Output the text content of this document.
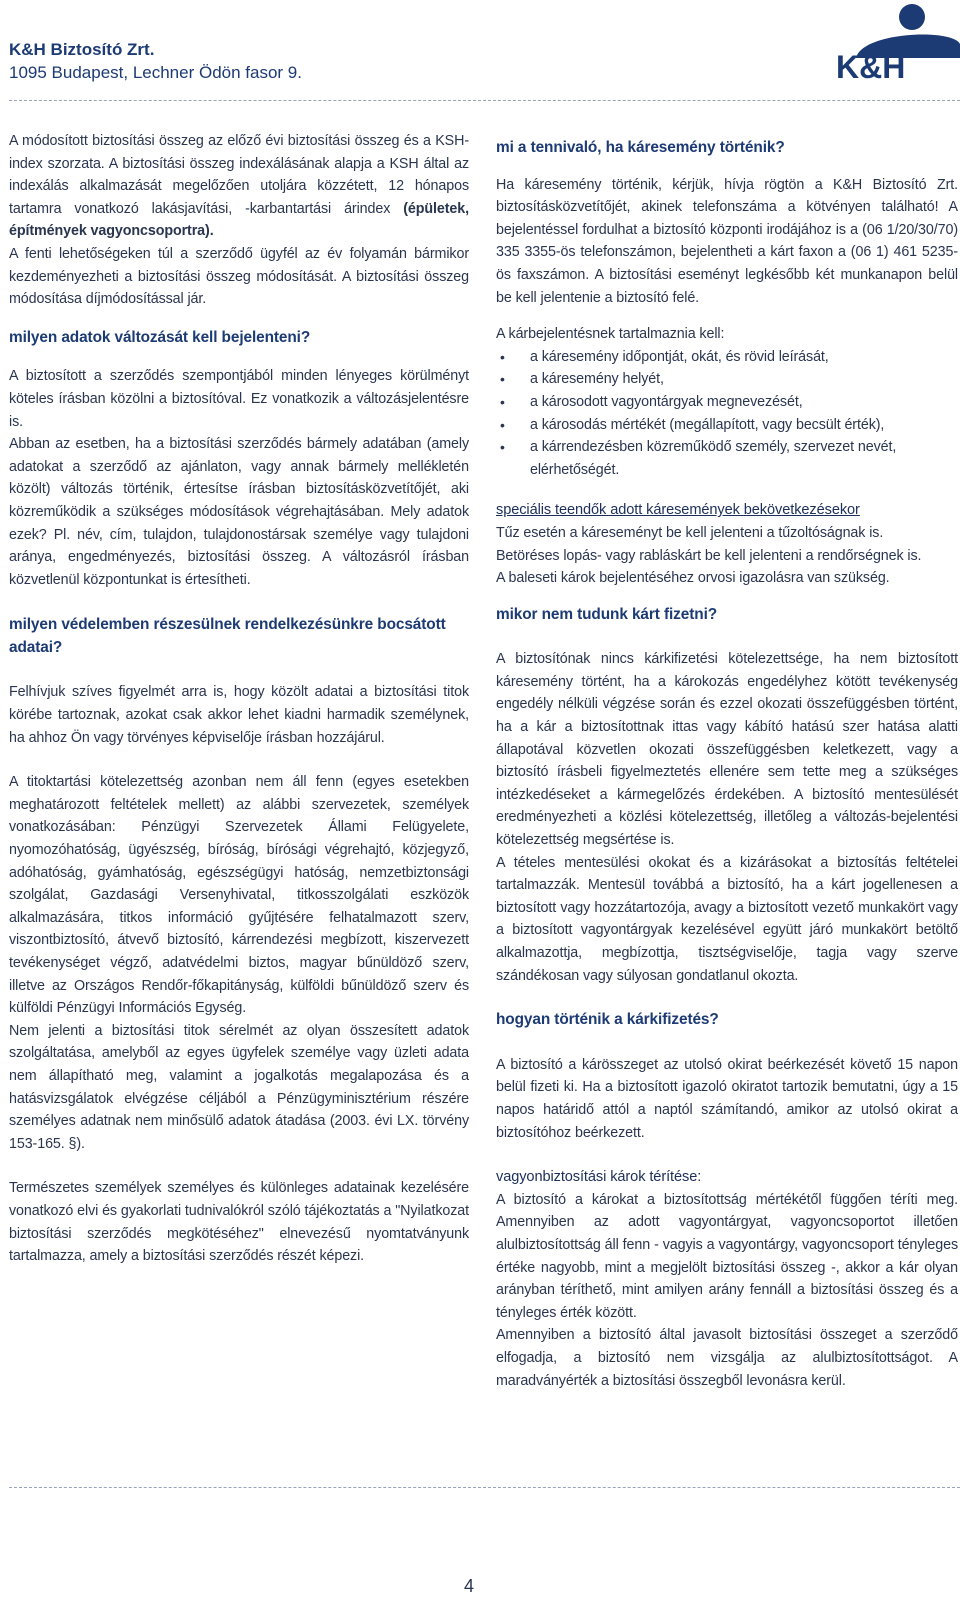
K&H Biztosító Zrt.
1095 Budapest, Lechner Ödön fasor 9.	K&H

A módosított biztosítási összeg az előző évi biztosítási összeg és a KSH-index szorzata. A biztosítási összeg indexálásának alapja a KSH által az indexálás alkalmazását megelőzően utoljára közzétett, 12 hónapos tartamra vonatkozó lakásjavítási, -karbantartási árindex (épületek, építmények vagyoncsoportra).

A fenti lehetőségeken túl a szerződő ügyfél az év folyamán bármikor kezdeményezheti a biztosítási összeg módosítását. A biztosítási összeg módosítása díjmódosítással jár.

milyen adatok változását kell bejelenteni?

A biztosított a szerződés szempontjából minden lényeges körülményt köteles írásban közölni a biztosítóval. Ez vonatkozik a változásjelentésre is.

Abban az esetben, ha a biztosítási szerződés bármely adatában (amely adatokat a szerződő az ajánlaton, vagy annak bármely mellékletén közölt) változás történik, értesítse írásban biztosításközvetítőjét, aki közreműködik a szükséges módosítások végrehajtásában. Mely adatok ezek? Pl. név, cím, tulajdon, tulajdonostársak személye vagy tulajdoni aránya, engedményezés, biztosítási összeg. A változásról írásban közvetlenül központunkat is értesítheti.

milyen védelemben részesülnek rendelkezésünkre bocsátott adatai?

Felhívjuk szíves figyelmét arra is, hogy közölt adatai a biztosítási titok körébe tartoznak, azokat csak akkor lehet kiadni harmadik személynek, ha ahhoz Ön vagy törvényes képviselője írásban hozzájárul.

A titoktartási kötelezettség azonban nem áll fenn (egyes esetekben meghatározott feltételek mellett) az alábbi szervezetek, személyek vonatkozásában: Pénzügyi Szervezetek Állami Felügyelete, nyomozóhatóság, ügyészség, bíróság, bírósági végrehajtó, közjegyző, adóhatóság, gyámhatóság, egészségügyi hatóság, nemzetbiztonsági szolgálat, Gazdasági Versenyhivatal, titkosszolgálati eszközök alkalmazására, titkos információ gyűjtésére felhatalmazott szerv, viszontbiztosító, átvevő biztosító, kárrendezési megbízott, kiszervezett tevékenységet végző, adatvédelmi biztos, magyar bűnüldöző szerv, illetve az Országos Rendőr-főkapitányság, külföldi bűnüldöző szerv és külföldi Pénzügyi Információs Egység.

Nem jelenti a biztosítási titok sérelmét az olyan összesített adatok szolgáltatása, amelyből az egyes ügyfelek személye vagy üzleti adata nem állapítható meg, valamint a jogalkotás megalapozása és a hatásvizsgálatok elvégzése céljából a Pénzügyminisztérium részére személyes adatnak nem minősülő adatok átadása (2003. évi LX. törvény 153-165. §).

Természetes személyek személyes és különleges adatainak kezelésére vonatkozó elvi és gyakorlati tudnivalókról szóló tájékoztatás a "Nyilatkozat biztosítási szerződés megkötéséhez" elnevezésű nyomtatványunk tartalmazza, amely a biztosítási szerződés részét képezi.

mi a tennivaló, ha káresemény történik?

Ha káresemény történik, kérjük, hívja rögtön a K&H Biztosító Zrt. biztosításközvetítőjét, akinek telefonszáma a kötvényen található! A bejelentéssel fordulhat a biztosító központi irodájához is a (06 1/20/30/70) 335 3355-ös telefonszámon, bejelentheti a kárt faxon a (06 1) 461 5235-ös faxszámon. A biztosítási eseményt legkésőbb két munkanapon belül be kell jelentenie a biztosító felé.

A kárbejelentésnek tartalmaznia kell:

• a káresemény időpontját, okát, és rövid leírását,
• a káresemény helyét,
• a károsodott vagyontárgyak megnevezését,
• a károsodás mértékét (megállapított, vagy becsült érték),
• a kárrendezésben közreműködő személy, szervezet nevét, elérhetőségét.
speciális teendők adott káresemények bekövetkezésekor

Tűz esetén a káreseményt be kell jelenteni a tűzoltóságnak is.

Betöréses lopás- vagy rabláskárt be kell jelenteni a rendőrségnek is.

A baleseti károk bejelentéséhez orvosi igazolásra van szükség.

mikor nem tudunk kárt fizetni?

A biztosítónak nincs kárkifizetési kötelezettsége, ha nem biztosított káresemény történt, ha a károkozás engedélyhez kötött tevékenység engedély nélküli végzése során és ezzel okozati összefüggésben történt, ha a kár a biztosítottnak ittas vagy kábító hatású szer hatása alatti állapotával közvetlen okozati összefüggésben keletkezett, vagy a biztosító írásbeli figyelmeztetés ellenére sem tette meg a szükséges intézkedéseket a kármegelőzés érdekében. A biztosító mentesülését eredményezheti a közlési kötelezettség, illetőleg a változás-bejelentési kötelezettség megsértése is.

A tételes mentesülési okokat és a kizárásokat a biztosítás feltételei tartalmazzák. Mentesül továbbá a biztosító, ha a kárt jogellenesen a biztosított vagy hozzátartozója, avagy a biztosított vezető munkakört vagy a biztosított vagyontárgyak kezelésével együtt járó munkakört betöltő alkalmazottja, megbízottja, tisztségviselője, tagja vagy szerve szándékosan vagy súlyosan gondatlanul okozta.

hogyan történik a kárkifizetés?

A biztosító a kárösszeget az utolsó okirat beérkezését követő 15 napon belül fizeti ki. Ha a biztosított igazoló okiratot tartozik bemutatni, úgy a 15 napos határidő attól a naptól számítandó, amikor az utolsó okirat a biztosítóhoz beérkezett.

vagyonbiztosítási károk térítése:

A biztosító a károkat a biztosítottság mértékétől függően téríti meg. Amennyiben az adott vagyontárgyat, vagyoncsoportot illetően alulbiztosítottság áll fenn - vagyis a vagyontárgy, vagyoncsoport tényleges értéke nagyobb, mint a megjelölt biztosítási összeg -, akkor a kár olyan arányban téríthető, mint amilyen arány fennáll a biztosítási összeg és a tényleges érték között.

Amennyiben a biztosító által javasolt biztosítási összeget a szerződő elfogadja, a biztosító nem vizsgálja az alulbiztosítottságot. A maradványérték a biztosítási összegből levonásra kerül.

4
